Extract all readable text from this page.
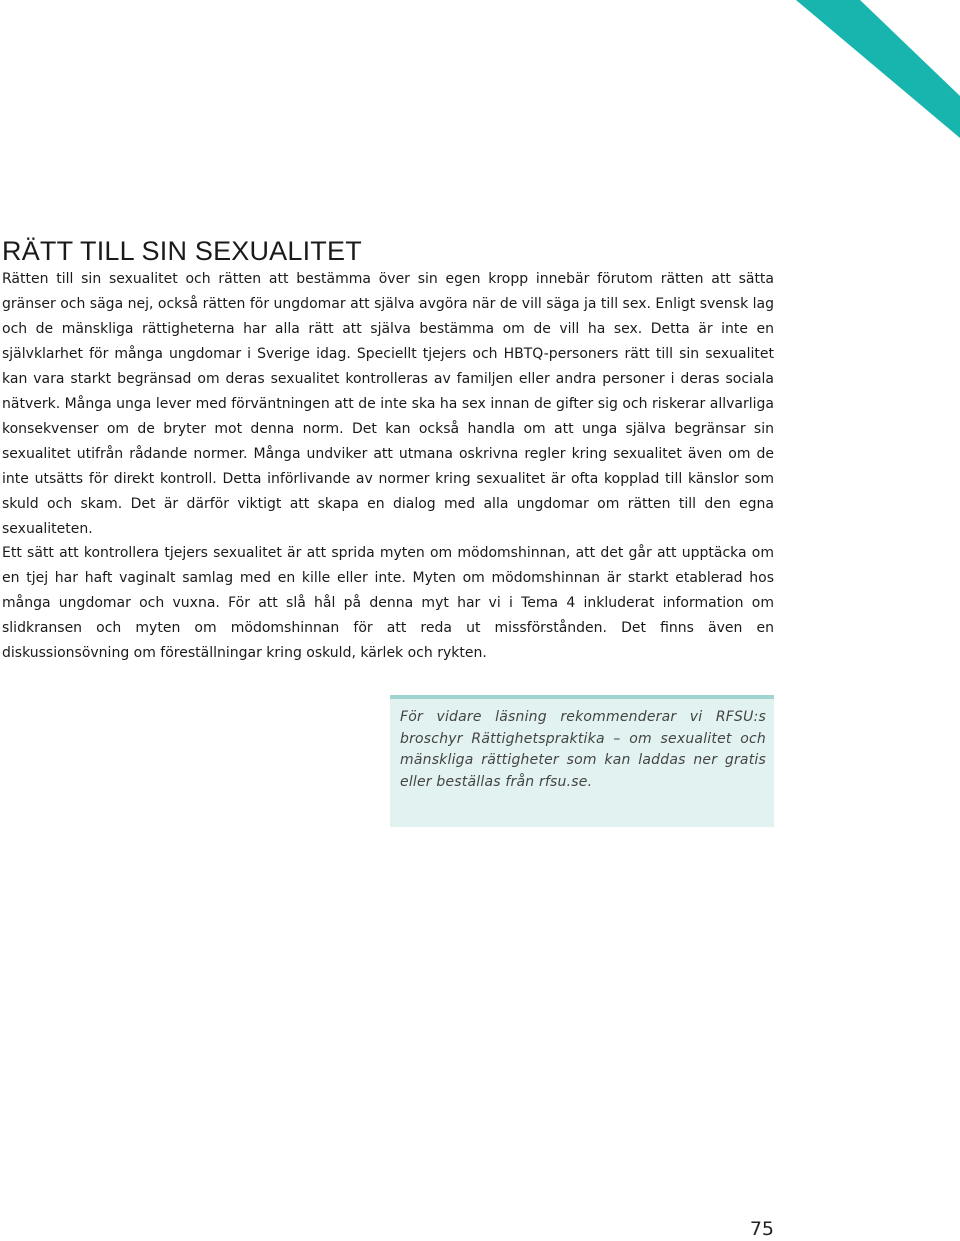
RÄTT TILL SIN SEXUALITET

Rätten till sin sexualitet och rätten att bestämma över sin egen kropp innebär förutom rätten att sätta gränser och säga nej, också rätten för ungdomar att själva avgöra när de vill säga ja till sex. Enligt svensk lag och de mänskliga rättigheterna har alla rätt att själva bestämma om de vill ha sex. Detta är inte en självklarhet för många ungdomar i Sverige idag. Speciellt tjejers och HBTQ-personers rätt till sin sexualitet kan vara starkt begränsad om deras sexualitet kontrolleras av familjen eller andra personer i deras sociala nätverk. Många unga lever med förväntningen att de inte ska ha sex innan de gifter sig och riskerar allvarliga konsekvenser om de bryter mot denna norm. Det kan också handla om att unga själva begränsar sin sexualitet utifrån rådande normer. Många undviker att utmana oskrivna regler kring sexualitet även om de inte utsätts för direkt kontroll. Detta införlivande av normer kring sexualitet är ofta kopplad till känslor som skuld och skam. Det är därför viktigt att skapa en dialog med alla ungdomar om rätten till den egna sexualiteten.

Ett sätt att kontrollera tjejers sexualitet är att sprida myten om mödomshinnan, att det går att upptäcka om en tjej har haft vaginalt samlag med en kille eller inte. Myten om mödomshinnan är starkt etablerad hos många ungdomar och vuxna. För att slå hål på denna myt har vi i Tema 4 inkluderat information om slidkransen och myten om mödomshinnan för att reda ut missförstånden. Det finns även en diskussionsövning om föreställningar kring oskuld, kärlek och rykten.

För vidare läsning rekommenderar vi RFSU:s broschyr Rättighetspraktika – om sexualitet och mänskliga rättigheter som kan laddas ner gratis eller beställas från rfsu.se.

75
